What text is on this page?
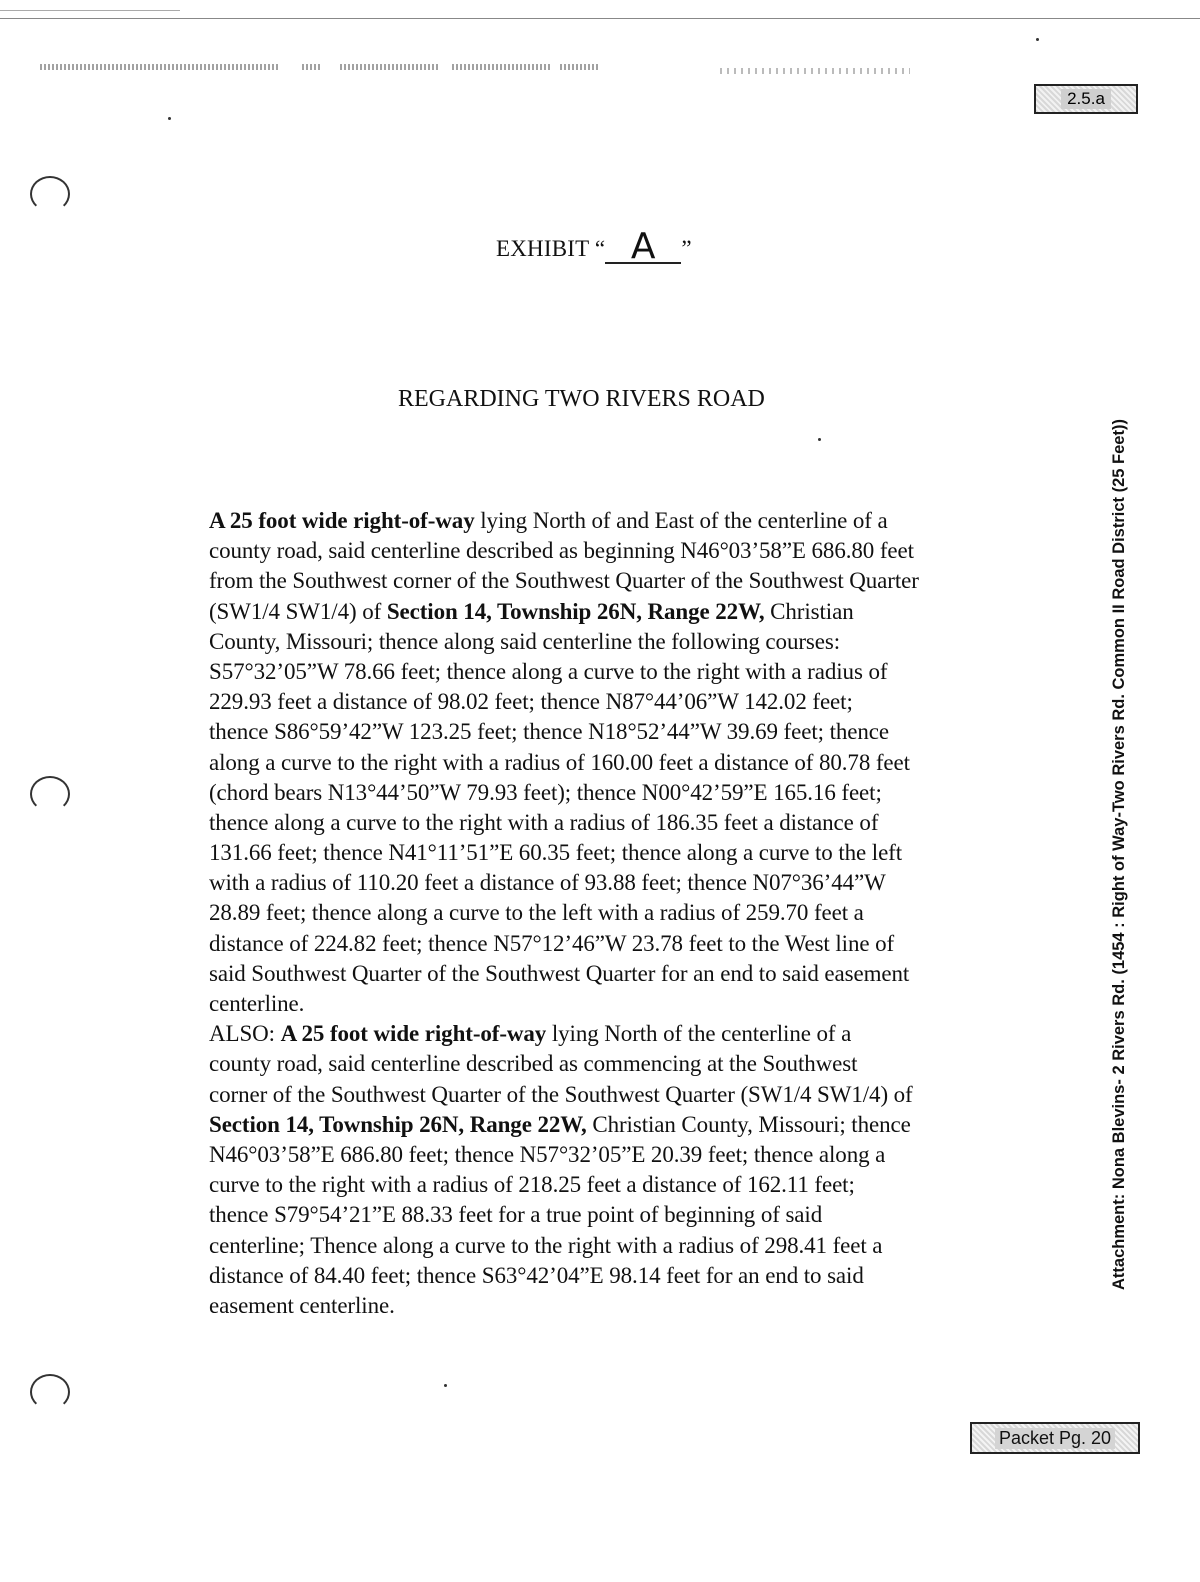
2.5.a
EXHIBIT “ A ”
REGARDING TWO RIVERS ROAD
A 25 foot wide right-of-way lying North of and East of the centerline of a
county road, said centerline described as beginning N46°03’58”E 686.80 feet
from the Southwest corner of the Southwest Quarter of the Southwest Quarter
(SW1/4 SW1/4) of Section 14, Township 26N, Range 22W, Christian
County, Missouri; thence along said centerline the following courses:
S57°32’05”W 78.66 feet; thence along a curve to the right with a radius of
229.93 feet a distance of 98.02 feet; thence N87°44’06”W 142.02 feet;
thence S86°59’42”W 123.25 feet; thence N18°52’44”W 39.69 feet; thence
along a curve to the right with a radius of 160.00 feet a distance of 80.78 feet
(chord bears N13°44’50”W 79.93 feet); thence N00°42’59”E 165.16 feet;
thence along a curve to the right with a radius of 186.35 feet a distance of
131.66 feet; thence N41°11’51”E 60.35 feet; thence along a curve to the left
with a radius of 110.20 feet a distance of 93.88 feet; thence N07°36’44”W
28.89 feet; thence along a curve to the left with a radius of 259.70 feet a
distance of 224.82 feet; thence N57°12’46”W 23.78 feet to the West line of
said Southwest Quarter of the Southwest Quarter for an end to said easement
centerline.
ALSO: A 25 foot wide right-of-way lying North of the centerline of a
county road, said centerline described as commencing at the Southwest
corner of the Southwest Quarter of the Southwest Quarter (SW1/4 SW1/4) of
Section 14, Township 26N, Range 22W, Christian County, Missouri; thence
N46°03’58”E 686.80 feet; thence N57°32’05”E 20.39 feet; thence along a
curve to the right with a radius of 218.25 feet a distance of 162.11 feet;
thence S79°54’21”E 88.33 feet for a true point of beginning of said
centerline; Thence along a curve to the right with a radius of 298.41 feet a
distance of 84.40 feet; thence S63°42’04”E 98.14 feet for an end to said
easement centerline.
Attachment: Nona Blevins- 2 Rivers Rd. (1454 : Right of Way-Two Rivers Rd. Common II Road District (25 Feet))
Packet Pg. 20
